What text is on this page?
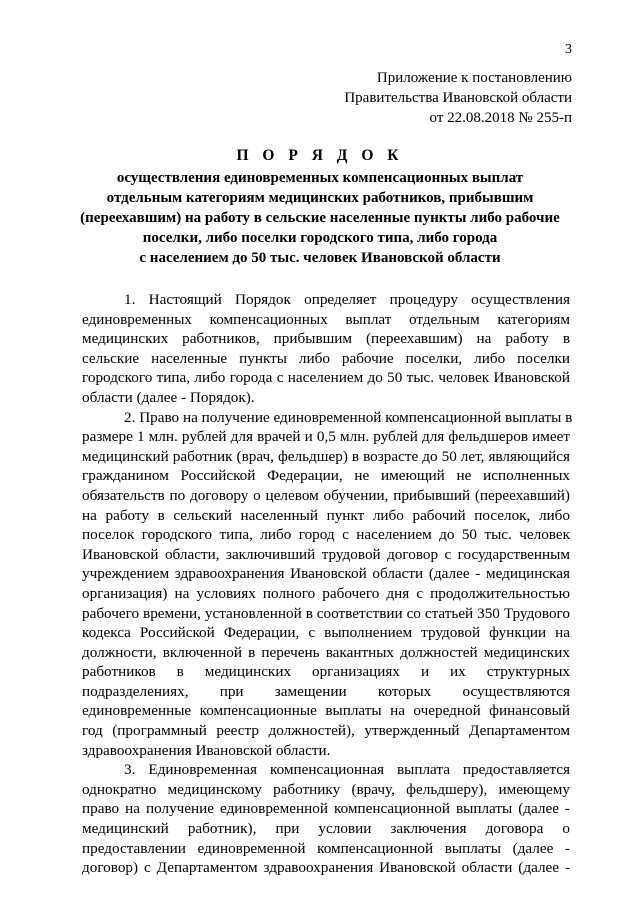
3
Приложение к постановлению
Правительства Ивановской области
от 22.08.2018 № 255-п
П О Р Я Д О К
осуществления единовременных компенсационных выплат
отдельным категориям медицинских работников, прибывшим
(переехавшим) на работу в сельские населенные пункты либо рабочие
поселки, либо поселки городского типа, либо города
с населением до 50 тыс. человек Ивановской области
1. Настоящий Порядок определяет процедуру осуществления
единовременных компенсационных выплат отдельным категориям
медицинских работников, прибывшим (переехавшим) на работу в
сельские населенные пункты либо рабочие поселки, либо поселки
городского типа, либо города с населением до 50 тыс. человек Ивановской
области (далее - Порядок).
2. Право на получение единовременной компенсационной выплаты в
размере 1 млн. рублей для врачей и 0,5 млн. рублей для фельдшеров имеет
медицинский работник (врач, фельдшер) в возрасте до 50 лет, являющийся
гражданином Российской Федерации, не имеющий не исполненных
обязательств по договору о целевом обучении, прибывший (переехавший)
на работу в сельский населенный пункт либо рабочий поселок, либо
поселок городского типа, либо город с населением до 50 тыс. человек
Ивановской области, заключивший трудовой договор с государственным
учреждением здравоохранения Ивановской области (далее - медицинская
организация) на условиях полного рабочего дня с продолжительностью
рабочего времени, установленной в соответствии со статьей 350 Трудового
кодекса Российской Федерации, с выполнением трудовой функции на
должности, включенной в перечень вакантных должностей медицинских
работников в медицинских организациях и их структурных
подразделениях, при замещении которых осуществляются
единовременные компенсационные выплаты на очередной финансовый
год (программный реестр должностей), утвержденный Департаментом
здравоохранения Ивановской области.
3. Единовременная компенсационная выплата предоставляется
однократно медицинскому работнику (врачу, фельдшеру), имеющему
право на получение единовременной компенсационной выплаты (далее -
медицинский работник), при условии заключения договора о
предоставлении единовременной компенсационной выплаты (далее -
договор) с Департаментом здравоохранения Ивановской области (далее -
